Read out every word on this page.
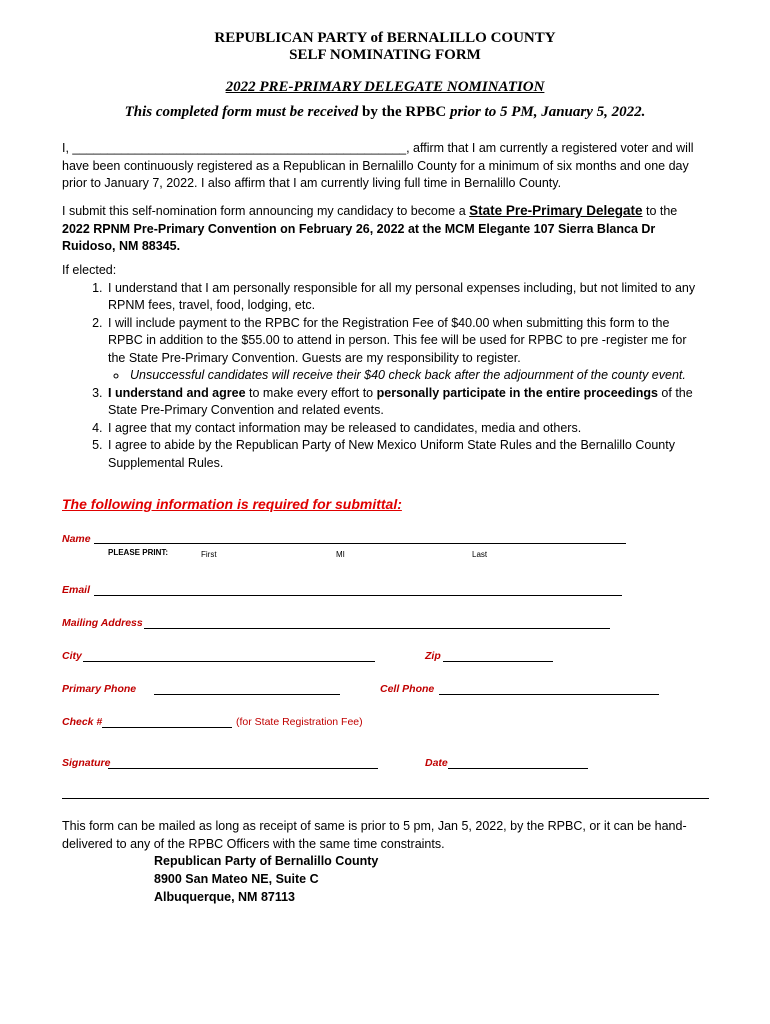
REPUBLICAN PARTY of BERNALILLO COUNTY
SELF NOMINATING FORM
2022 PRE-PRIMARY DELEGATE NOMINATION
This completed form must be received by the RPBC prior to 5 PM, January 5, 2022.
I, ________________________________________________, affirm that I am currently a registered voter and will have been continuously registered as a Republican in Bernalillo County for a minimum of six months and one day prior to January 7, 2022. I also affirm that I am currently living full time in Bernalillo County.
I submit this self-nomination form announcing my candidacy to become a State Pre-Primary Delegate to the 2022 RPNM Pre-Primary Convention on February 26, 2022 at the MCM Elegante 107 Sierra Blanca Dr Ruidoso, NM 88345.
If elected:
1. I understand that I am personally responsible for all my personal expenses including, but not limited to any RPNM fees, travel, food, lodging, etc.
2. I will include payment to the RPBC for the Registration Fee of $40.00 when submitting this form to the RPBC in addition to the $55.00 to attend in person. This fee will be used for RPBC to pre -register me for the State Pre-Primary Convention. Guests are my responsibility to register.
◦ Unsuccessful candidates will receive their $40 check back after the adjournment of the county event.
3. I understand and agree to make every effort to personally participate in the entire proceedings of the State Pre-Primary Convention and related events.
4. I agree that my contact information may be released to candidates, media and others.
5. I agree to abide by the Republican Party of New Mexico Uniform State Rules and the Bernalillo County Supplemental Rules.
The following information is required for submittal:
Name
PLEASE PRINT:	First	MI	Last
Email
Mailing Address
City	Zip
Primary Phone	Cell Phone
Check #	(for State Registration Fee)
Signature	Date
This form can be mailed as long as receipt of same is prior to 5 pm, Jan 5, 2022, by the RPBC, or it can be hand-delivered to any of the RPBC Officers with the same time constraints.
Republican Party of Bernalillo County
8900 San Mateo NE, Suite C
Albuquerque, NM 87113
